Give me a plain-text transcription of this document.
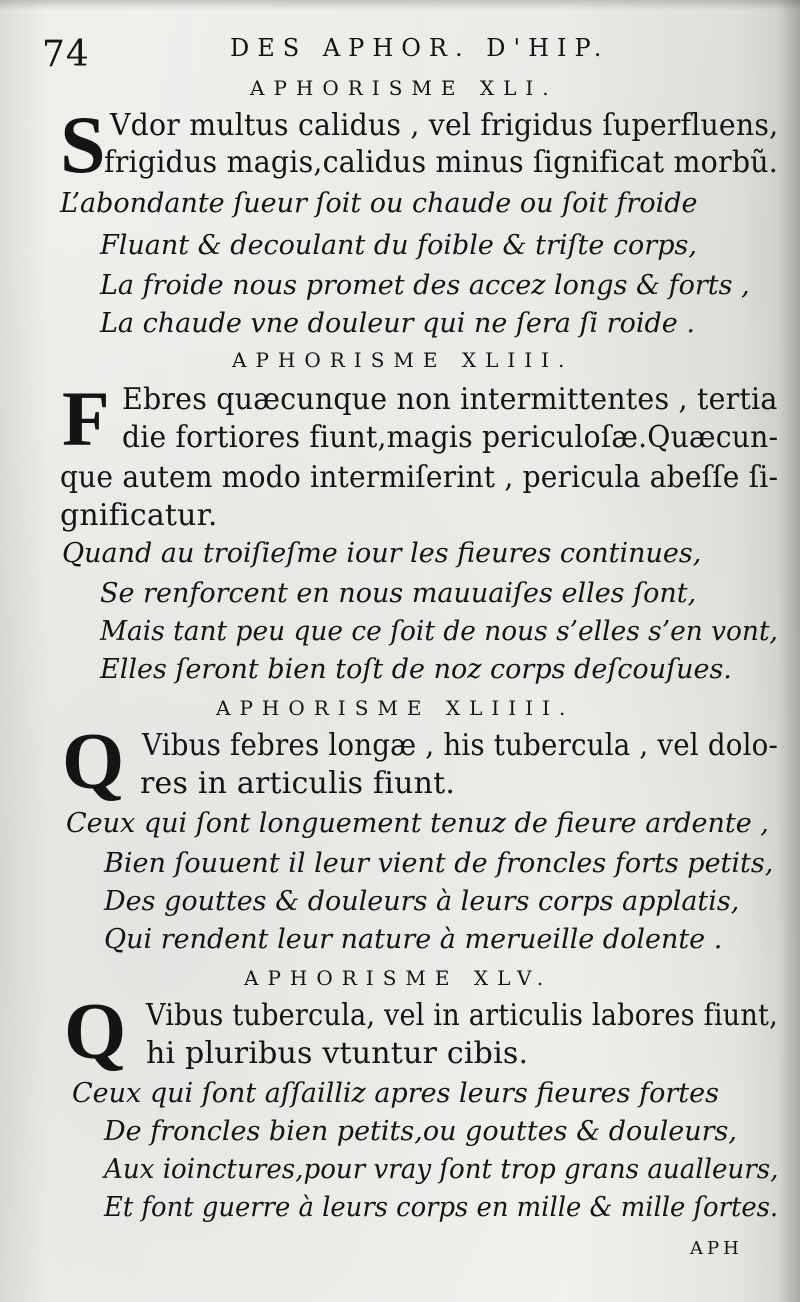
74	DES APHOR. D'HIP.
APHORISME XLI.
S Vdor multus calidus , vel frigidus ſuperfluens,
frigidus magis,calidus minus ſignificat morbũ.
L’abondante ſueur ſoit ou chaude ou ſoit froide
Fluant & decoulant du foible & triſte corps,
La froide nous promet des accez longs & forts ,
La chaude vne douleur qui ne ſera ſi roide .
APHORISME XLIII.
F Ebres quæcunque non intermittentes , tertia
die fortiores fiunt,magis periculoſæ.Quæcun-
que autem modo intermiſerint , pericula abeſſe ſi-
gnificatur.
Quand au troiſieſme iour les fieures continues,
Se renforcent en nous mauuaiſes elles ſont,
Mais tant peu que ce ſoit de nous s’elles s’en vont,
Elles ſeront bien toſt de noz corps deſcouſues.
APHORISME XLIIII.
Q Vibus febres longæ , his tubercula , vel dolo-
res in articulis fiunt.
Ceux qui ſont longuement tenuz de fieure ardente ,
Bien ſouuent il leur vient de froncles forts petits,
Des gouttes & douleurs à leurs corps applatis,
Qui rendent leur nature à merueille dolente .
APHORISME XLV.
Q Vibus tubercula, vel in articulis labores fiunt,
hi pluribus vtuntur cibis.
Ceux qui ſont aſſailliz apres leurs fieures fortes
De froncles bien petits,ou gouttes & douleurs,
Aux ioinctures,pour vray ſont trop grans aualleurs,
Et font guerre à leurs corps en mille & mille ſortes.
APH
